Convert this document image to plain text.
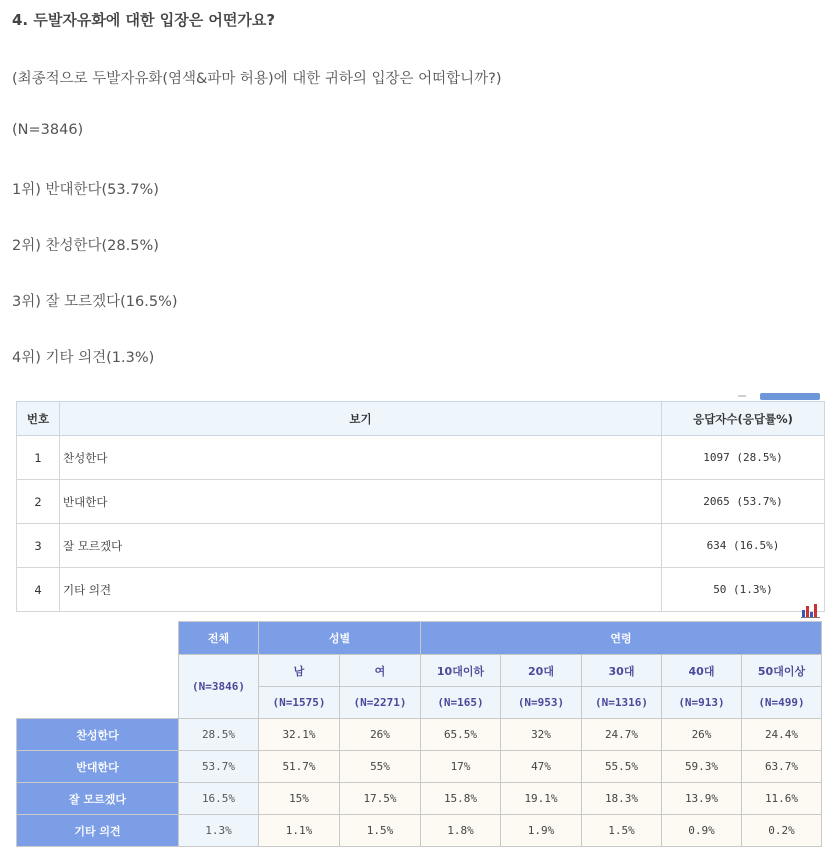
4. 두발자유화에 대한 입장은 어떤가요?
(최종적으로 두발자유화(염색&파마 허용)에 대한 귀하의 입장은 어떠합니까?)
(N=3846)
1위) 반대한다(53.7%)
2위) 찬성한다(28.5%)
3위) 잘 모르겠다(16.5%)
4위) 기타 의견(1.3%)
번호	보기	응답자수(응답률%)
1	찬성한다	1097 (28.5%)
2	반대한다	2065 (53.7%)
3	잘 모르겠다	634 (16.5%)
4	기타 의견	50 (1.3%)
	전체	성별		연령				
	(N=3846)	남	여	10대이하	20대	30대	40대	50대이상
		(N=1575)	(N=2271)	(N=165)	(N=953)	(N=1316)	(N=913)	(N=499)
찬성한다	28.5%	32.1%	26%	65.5%	32%	24.7%	26%	24.4%
반대한다	53.7%	51.7%	55%	17%	47%	55.5%	59.3%	63.7%
잘 모르겠다	16.5%	15%	17.5%	15.8%	19.1%	18.3%	13.9%	11.6%
기타 의견	1.3%	1.1%	1.5%	1.8%	1.9%	1.5%	0.9%	0.2%
